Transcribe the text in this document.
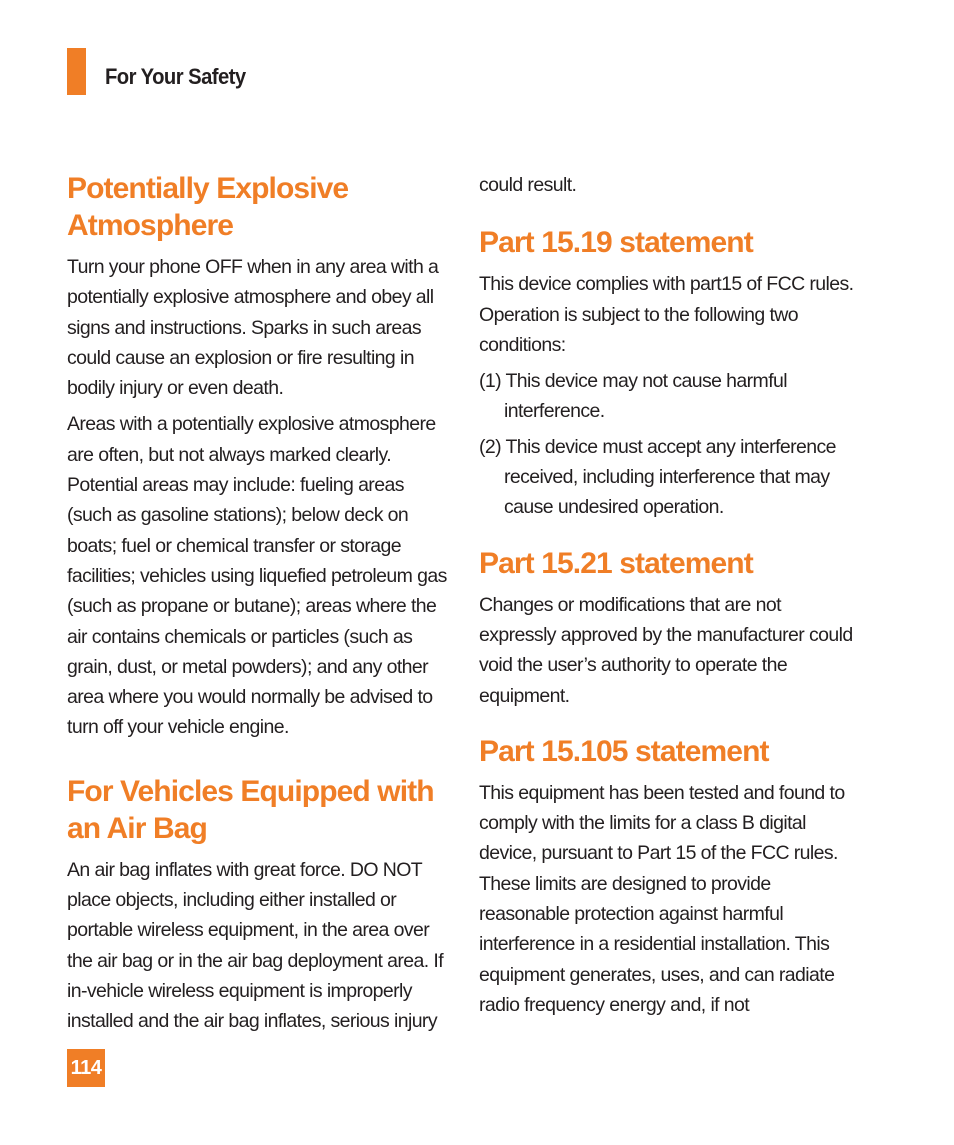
For Your Safety
Potentially Explosive Atmosphere

Turn your phone OFF when in any area with a potentially explosive atmosphere and obey all signs and instructions. Sparks in such areas could cause an explosion or fire resulting in bodily injury or even death.

Areas with a potentially explosive atmosphere are often, but not always marked clearly. Potential areas may include: fueling areas (such as gasoline stations); below deck on boats; fuel or chemical transfer or storage facilities; vehicles using liquefied petroleum gas (such as propane or butane); areas where the air contains chemicals or particles (such as grain, dust, or metal powders); and any other area where you would normally be advised to turn off your vehicle engine.

For Vehicles Equipped with an Air Bag

An air bag inflates with great force. DO NOT place objects, including either installed or portable wireless equipment, in the area over the air bag or in the air bag deployment area. If in-vehicle wireless equipment is improperly installed and the air bag inflates, serious injury

could result.

Part 15.19 statement

This device complies with part15 of FCC rules. Operation is subject to the following two conditions:

(1) This device may not cause harmful interference.

(2) This device must accept any interference received, including interference that may cause undesired operation.

Part 15.21 statement

Changes or modifications that are not expressly approved by the manufacturer could void the user’s authority to operate the equipment.

Part 15.105 statement

This equipment has been tested and found to comply with the limits for a class B digital device, pursuant to Part 15 of the FCC rules. These limits are designed to provide reasonable protection against harmful interference in a residential installation. This equipment generates, uses, and can radiate radio frequency energy and, if not

114
